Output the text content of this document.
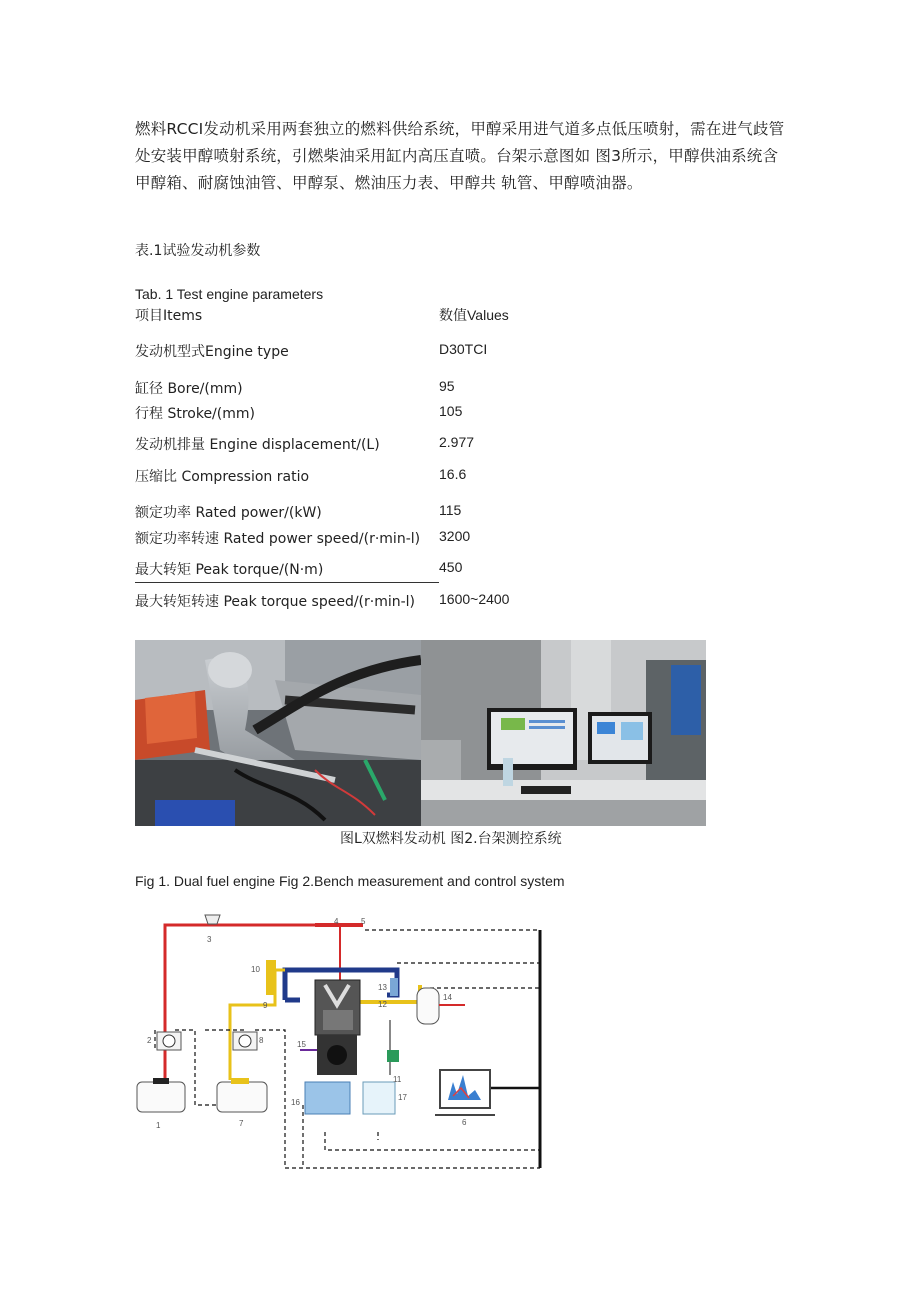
燃料RCCI发动机采用两套独立的燃料供给系统，甲醇采用进气道多点低压喷射，需在进气歧管处安装甲醇喷射系统，引燃柴油采用缸内高压直喷。台架示意图如 图3所示，甲醇供油系统含甲醇箱、耐腐蚀油管、甲醇泵、燃油压力表、甲醇共 轨管、甲醇喷油器。

表.1试验发动机参数
Tab. 1 Test engine parameters
项目Items	数值Values
发动机型式Engine type	D30TCI
缸径 Bore∕(mm)	95
行程 Stroke∕(mm)	105
发动机排量 Engine displacement∕(L)	2.977
压缩比 Compression ratio	16.6
额定功率 Rated power∕(kW)	115
额定功率转速 Rated power speed∕(r·min-l) 3200
最大转矩 Peak torque∕(N·m)	450
最大转矩转速 Peak torque speed∕(r·min-l) 1600~2400
图L双燃料发动机 图2.台架测控系统
Fig 1. Dual fuel engine Fig 2.Bench measurement and control system
1
2
3
4	5
6
7
8
9
10
11
12
13
14
15
16
17
